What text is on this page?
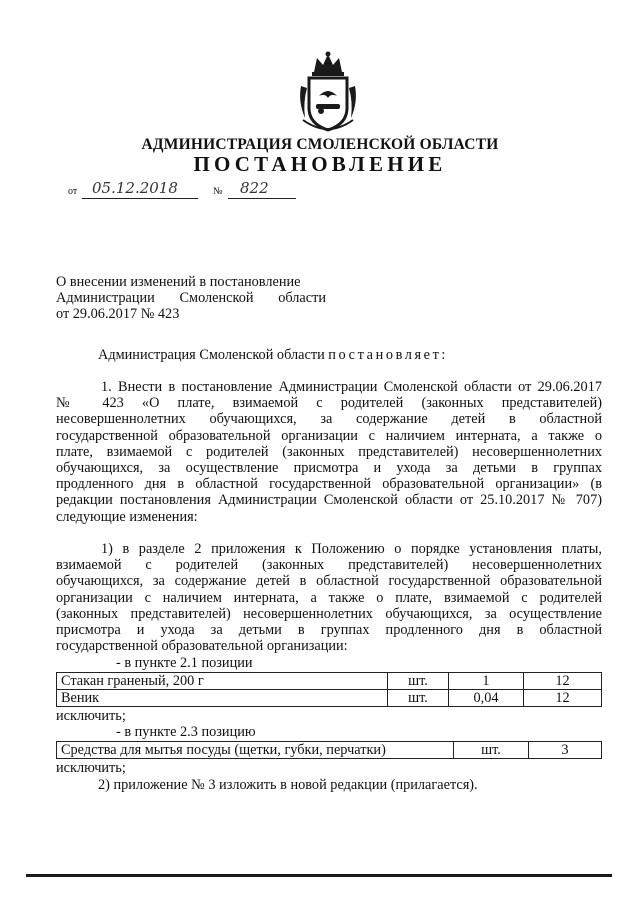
АДМИНИСТРАЦИЯ СМОЛЕНСКОЙ ОБЛАСТИ
ПОСТАНОВЛЕНИЕ
от 05.12.2018	№ 822
О внесении изменений в постановление
Администрации Смоленской области
от 29.06.2017 № 423
Администрация Смоленской области постановляет:
1. Внести в постановление Администрации Смоленской области от 29.06.2017
№ 423 «О плате, взимаемой с родителей (законных представителей)
несовершеннолетних обучающихся, за содержание детей в областной
государственной образовательной организации с наличием интерната, а также о
плате, взимаемой с родителей (законных представителей) несовершеннолетних
обучающихся, за осуществление присмотра и ухода за детьми в группах
продленного дня в областной государственной образовательной организации» (в
редакции постановления Администрации Смоленской области от 25.10.2017 № 707)
следующие изменения:
1) в разделе 2 приложения к Положению о порядке установления платы,
взимаемой с родителей (законных представителей) несовершеннолетних
обучающихся, за содержание детей в областной государственной образовательной
организации с наличием интерната, а также о плате, взимаемой с родителей
(законных представителей) несовершеннолетних обучающихся, за осуществление
присмотра и ухода за детьми в группах продленного дня в областной
государственной образовательной организации:
- в пункте 2.1 позиции
Стакан граненый, 200 г	шт.	1	12
Веник	шт.	0,04	12
исключить;
- в пункте 2.3 позицию
Средства для мытья посуды (щетки, губки, перчатки)	шт.	3
исключить;
2) приложение № 3 изложить в новой редакции (прилагается).
